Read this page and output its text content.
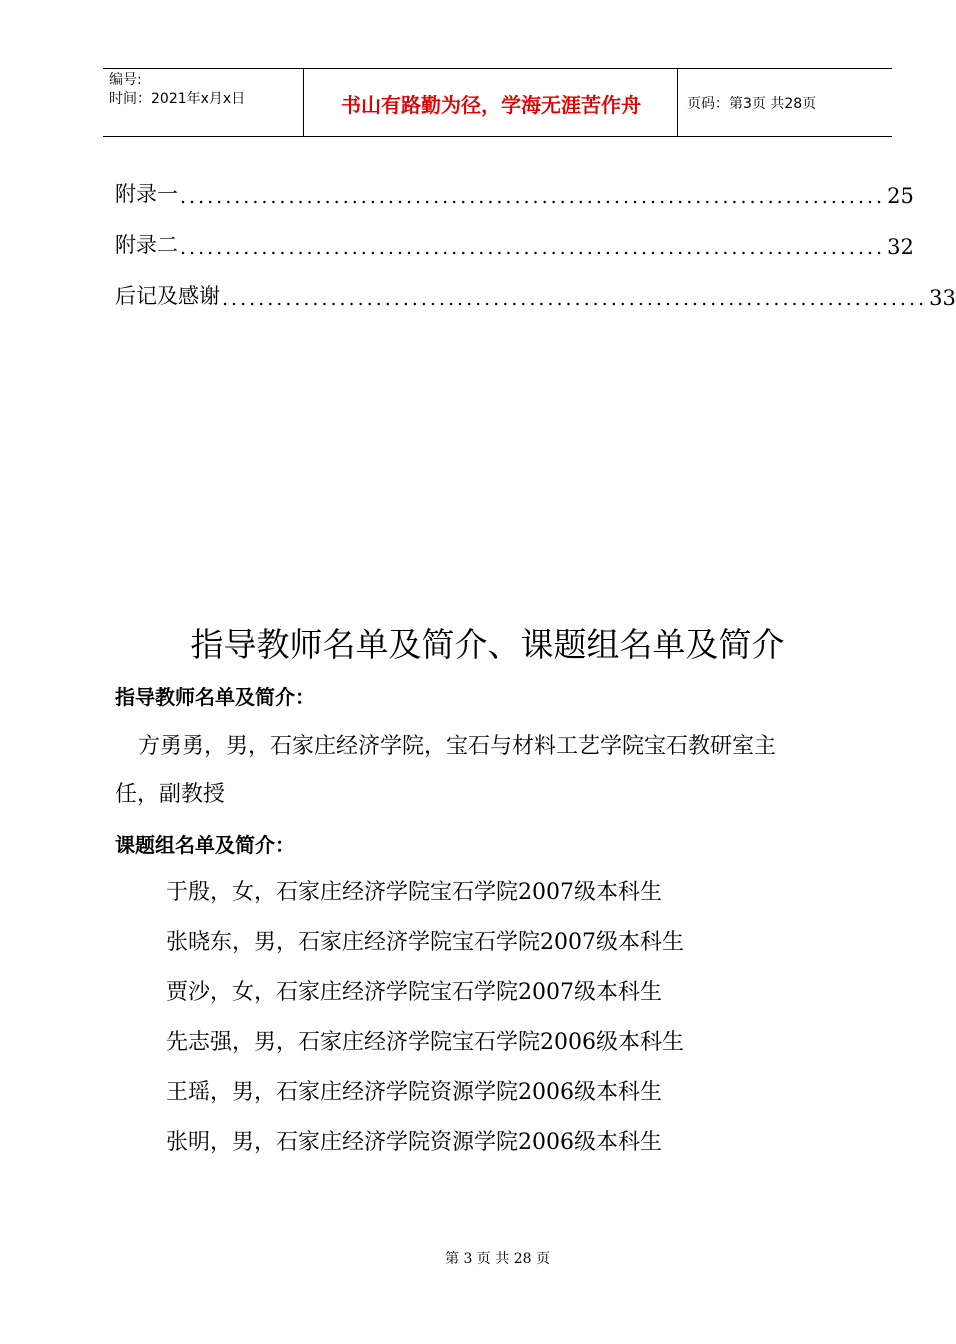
编号:
时间：2021年x月x日	书山有路勤为径，学海无涯苦作舟	页码：第3页 共28页
附录一 .............................................................................. 25
附录二 .............................................................................. 32
后记及感谢 .............................................................................. 33
指导教师名单及简介、课题组名单及简介
指导教师名单及简介：
方勇勇，男，石家庄经济学院，宝石与材料工艺学院宝石教研室主
任，副教授
课题组名单及简介：
于殷，女，石家庄经济学院宝石学院2007级本科生
张晓东，男，石家庄经济学院宝石学院2007级本科生
贾沙，女，石家庄经济学院宝石学院2007级本科生
先志强，男，石家庄经济学院宝石学院2006级本科生
王瑶，男，石家庄经济学院资源学院2006级本科生
张明，男，石家庄经济学院资源学院2006级本科生
第 3 页 共 28 页
